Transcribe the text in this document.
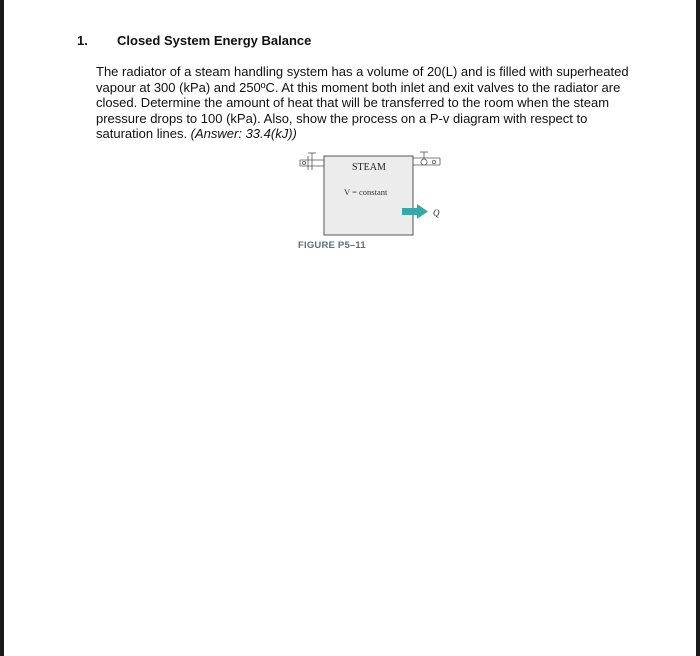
1. Closed System Energy Balance
The radiator of a steam handling system has a volume of 20(L) and is filled with superheated vapour at 300 (kPa) and 250ºC. At this moment both inlet and exit valves to the radiator are closed. Determine the amount of heat that will be transferred to the room when the steam pressure drops to 100 (kPa). Also, show the process on a P-v diagram with respect to saturation lines. (Answer: 33.4(kJ))
STEAM
V = constant
Q
FIGURE P5–11
